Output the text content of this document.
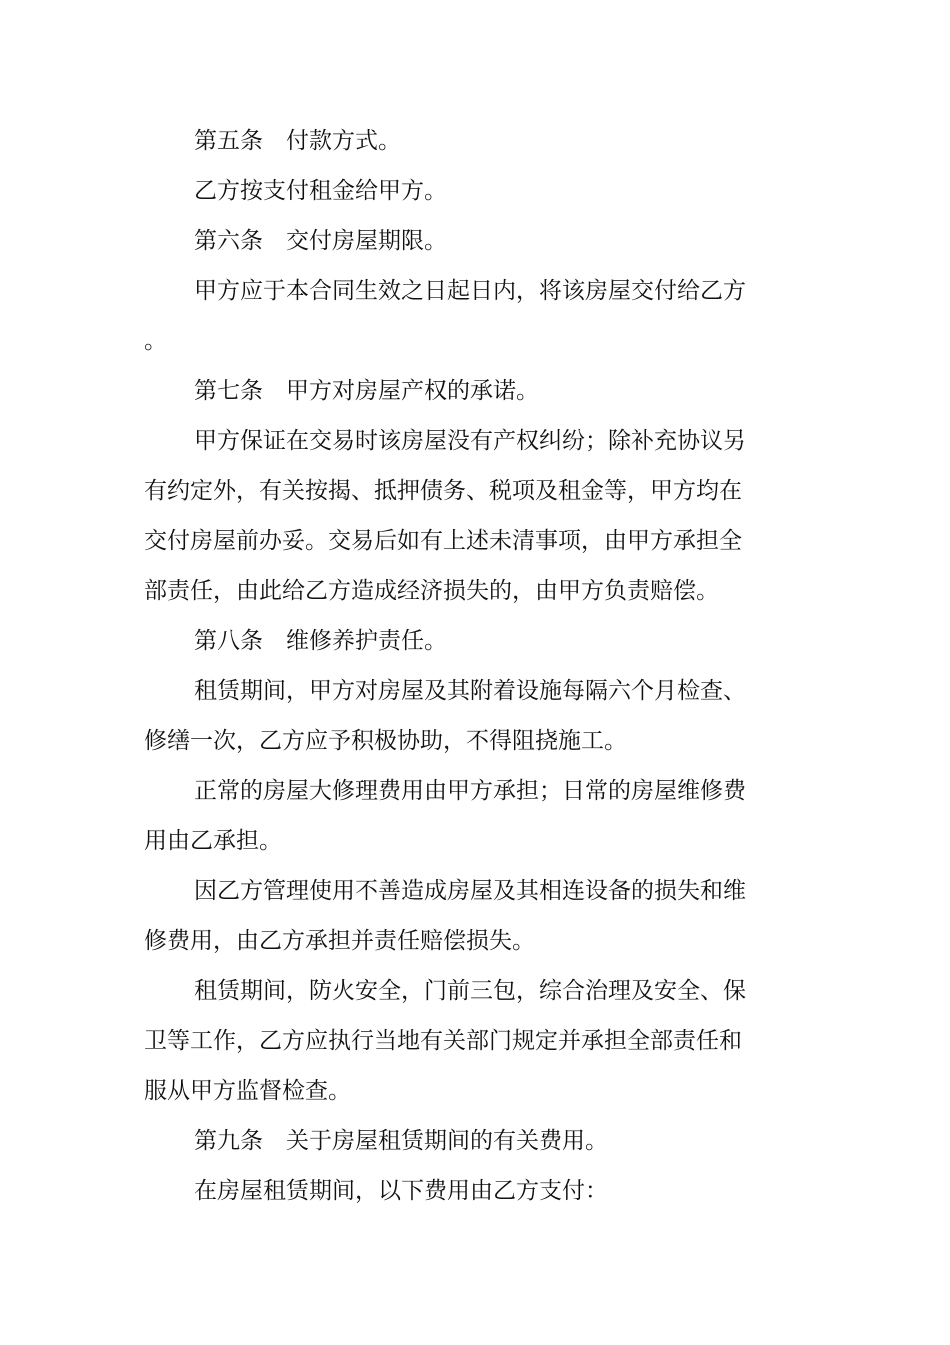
第五条　付款方式。

乙方按支付租金给甲方。

第六条　交付房屋期限。

甲方应于本合同生效之日起日内，将该房屋交付给乙方。

第七条　甲方对房屋产权的承诺。

甲方保证在交易时该房屋没有产权纠纷；除补充协议另有约定外，有关按揭、抵押债务、税项及租金等，甲方均在交付房屋前办妥。交易后如有上述未清事项，由甲方承担全部责任，由此给乙方造成经济损失的，由甲方负责赔偿。

第八条　维修养护责任。

租赁期间，甲方对房屋及其附着设施每隔六个月检查、修缮一次，乙方应予积极协助，不得阻挠施工。

正常的房屋大修理费用由甲方承担；日常的房屋维修费用由乙承担。

因乙方管理使用不善造成房屋及其相连设备的损失和维修费用，由乙方承担并责任赔偿损失。

租赁期间，防火安全，门前三包，综合治理及安全、保卫等工作，乙方应执行当地有关部门规定并承担全部责任和服从甲方监督检查。

第九条　关于房屋租赁期间的有关费用。

在房屋租赁期间，以下费用由乙方支付：
